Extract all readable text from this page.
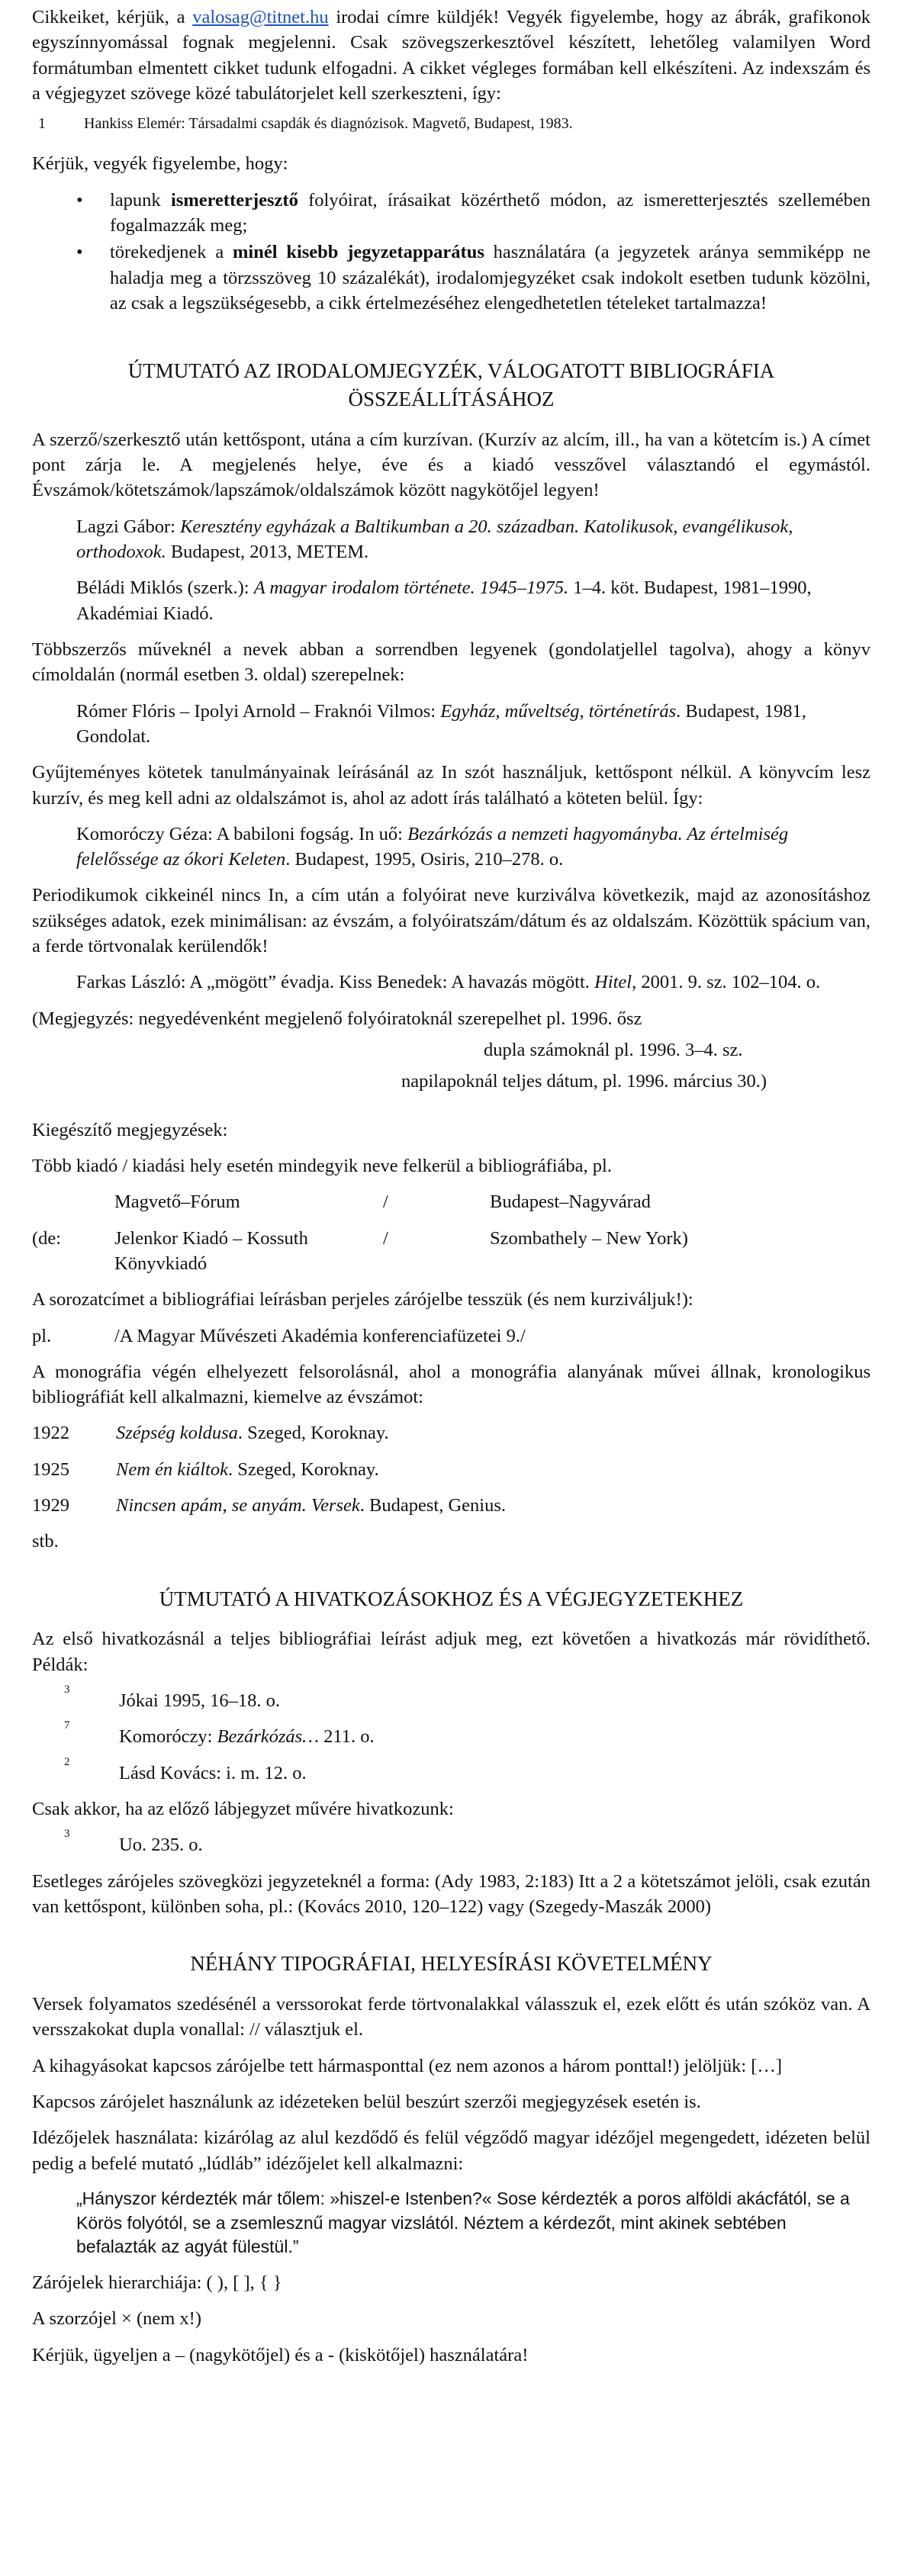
Cikkeiket, kérjük, a valosag@titnet.hu irodai címre küldjék! Vegyék figyelembe, hogy az ábrák, grafikonok egyszínnyomással fognak megjelenni. Csak szövegszerkesztővel készített, lehetőleg valamilyen Word formátumban elmentett cikket tudunk elfogadni. A cikket végleges formában kell elkészíteni. Az indexszám és a végjegyzet szövege közé tabulátorjelet kell szerkeszteni, így:

1	Hankiss Elemér: Társadalmi csapdák és diagnózisok. Magvető, Budapest, 1983.

Kérjük, vegyék figyelembe, hogy:

• lapunk ismeretterjesztő folyóirat, írásaikat közérthető módon, az ismeretterjesztés szellemében fogalmazzák meg;
• törekedjenek a minél kisebb jegyzetapparátus használatára (a jegyzetek aránya semmiképp ne haladja meg a törzsszöveg 10 százalékát), irodalomjegyzéket csak indokolt esetben tudunk közölni, az csak a legszükségesebb, a cikk értelmezéséhez elengedhetetlen tételeket tartalmazza!
ÚTMUTATÓ AZ IRODALOMJEGYZÉK, VÁLOGATOTT BIBLIOGRÁFIA ÖSSZEÁLLÍTÁSÁHOZ

A szerző/szerkesztő után kettőspont, utána a cím kurzívan. (Kurzív az alcím, ill., ha van a kötetcím is.) A címet pont zárja le. A megjelenés helye, éve és a kiadó vesszővel választandó el egymástól. Évszámok/kötetszámok/lapszámok/oldalszámok között nagykötőjel legyen!

Lagzi Gábor: Kereszténу egyházak a Baltikumban a 20. században. Katolikusok, evangélikusok, orthodoxok. Budapest, 2013, METEM.

Béládi Miklós (szerk.): A magyar irodalom története. 1945–1975. 1–4. köt. Budapest, 1981–1990, Akadémiai Kiadó.

Többszerzős műveknél a nevek abban a sorrendben legyenek (gondolatjellel tagolva), ahogy a könyv címoldalán (normál esetben 3. oldal) szerepelnek:

Rómer Flóris – Ipolyi Arnold – Fraknói Vilmos: Egyház, műveltség, történetírás. Budapest, 1981, Gondolat.

Gyűjteményes kötetek tanulmányainak leírásánál az In szót használjuk, kettőspont nélkül. A könyvcím lesz kurzív, és meg kell adni az oldalszámot is, ahol az adott írás található a köteten belül. Így:

Komoróczy Géza: A babiloni fogság. In uő: Bezárkózás a nemzeti hagyományba. Az értelmiség felelőssége az ókori Keleten. Budapest, 1995, Osiris, 210–278. o.

Periodikumok cikkeinél nincs In, a cím után a folyóirat neve kurziválva következik, majd az azonosításhoz szükséges adatok, ezek minimálisan: az évszám, a folyóiratszám/dátum és az oldalszám. Közöttük spácium van, a ferde törtvonalak kerülendők!

Farkas László: A „mögött” évadja. Kiss Benedek: A havazás mögött. Hitel, 2001. 9. sz. 102–104. o.

(Megjegyzés: negyedévenként megjelenő folyóiratoknál szerepelhet pl. 1996. ősz

dupla számoknál pl. 1996. 3–4. sz.
napilapoknál teljes dátum, pl. 1996. március 30.)

Kiegészítő megjegyzések:

Több kiadó / kiadási hely esetén mindegyik neve felkerül a bibliográfiába, pl.

Magvető–Fórum	/	Budapest–Nagyvárad
(de:	Jelenkor Kiadó – Kossuth Könyvkiadó
/	Szombathely – New York)

A sorozatcímet a bibliográfiai leírásban perjeles zárójelbe tesszük (és nem kurziváljuk!):

pl.	/A Magyar Művészeti Akadémia konferenciafüzetei 9./

A monográfia végén elhelyezett felsorolásnál, ahol a monográfia alanyának művei állnak, kronologikus bibliográfiát kell alkalmazni, kiemelve az évszámot:

1922	Szépség koldusa. Szeged, Koroknay.
1925	Nem én kiáltok. Szeged, Koroknay.
1929	Nincsen apám, se anyám. Versek. Budapest, Genius.

stb.

ÚTMUTATÓ A HIVATKOZÁSOKHOZ ÉS A VÉGJEGYZETEKHEZ

Az első hivatkozásnál a teljes bibliográfiai leírást adjuk meg, ezt követően a hivatkozás már rövidíthető. Példák:

3
Jókai 1995, 16–18. o.
7
Komoróczy: Bezárkózás… 211. o.
2
Lásd Kovács: i. m. 12. o.

Csak akkor, ha az előző lábjegyzet művére hivatkozunk:

3
Uo. 235. o.

Esetleges zárójeles szövegközi jegyzeteknél a forma: (Ady 1983, 2:183) Itt a 2 a kötetszámot jelöli, csak ezután van kettőspont, különben soha, pl.: (Kovács 2010, 120–122) vagy (Szegedy-Maszák 2000)

NÉHÁNY TIPOGRÁFIAI, HELYESÍRÁSI KÖVETELMÉNY

Versek folyamatos szedésénél a verssorokat ferde törtvonalakkal válasszuk el, ezek előtt és után szóköz van. A versszakokat dupla vonallal: // választjuk el.

A kihagyásokat kapcsos zárójelbe tett hármasponttal (ez nem azonos a három ponttal!) jelöljük: […]

Kapcsos zárójelet használunk az idézeteken belül beszúrt szerzői megjegyzések esetén is.

Idézőjelek használata: kizárólag az alul kezdődő és felül végződő magyar idézőjel megengedett, idézeten belül pedig a befelé mutató „lúdláb” idézőjelet kell alkalmazni:

„Hányszor kérdezték már tőlem: »hiszel-e Istenben?« Sose kérdezték a poros alföldi akácfától, se a Körös folyótól, se a zsemlesznű magyar vizslától. Néztem a kérdezőt, mint akinek sebtében befalazták az agyát fülestül.”

Zárójelek hierarchiája: ( ), [ ], { }

A szorzójel × (nem x!)

Kérjük, ügyeljen a – (nagykötőjel) és a - (kiskötőjel) használatára!
